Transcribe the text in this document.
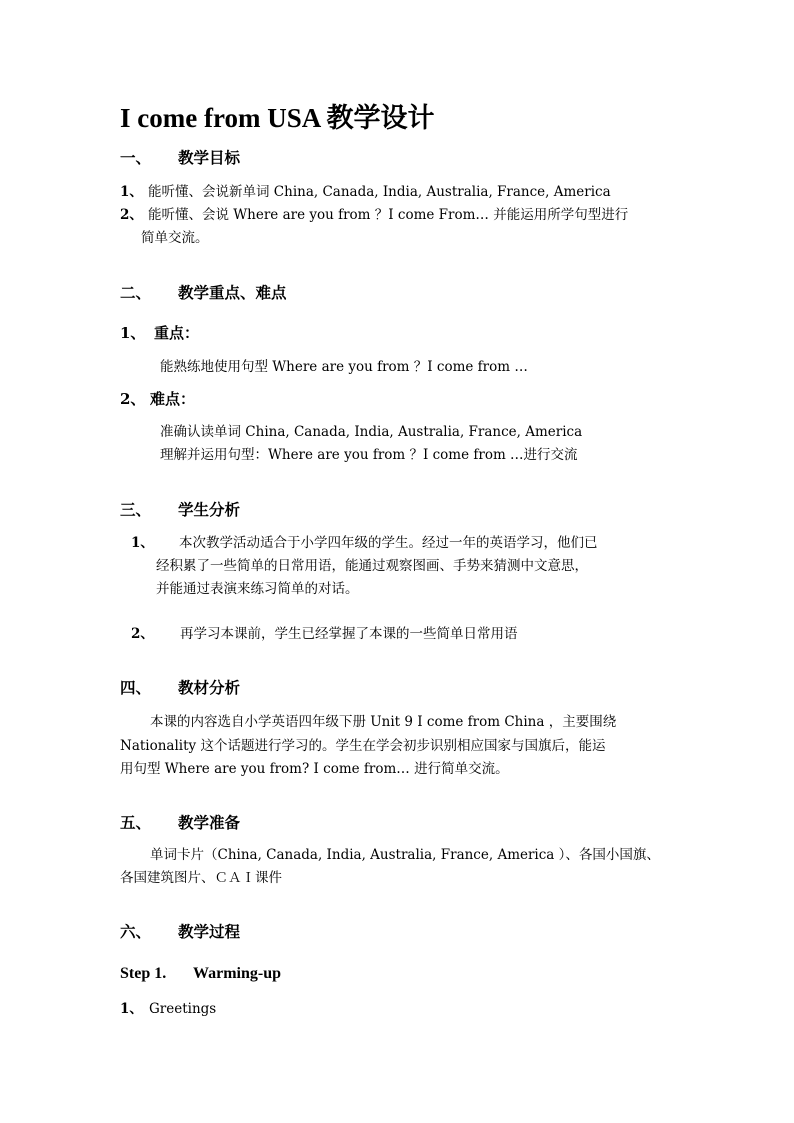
I come from USA 教学设计
一、 教学目标
1、 能听懂、会说新单词 China, Canada, India, Australia, France, America
2、 能听懂、会说 Where are you from ？I come From… 并能运用所学句型进行
简单交流。
二、 教学重点、难点
1、 重点：
能熟练地使用句型 Where are you from ？I come from …
2、 难点：
准确认读单词 China, Canada, India, Australia, France, America
理解并运用句型：Where are you from ？I come from …进行交流
三、 学生分析
1、 本次教学活动适合于小学四年级的学生。经过一年的英语学习，他们已
经积累了一些简单的日常用语，能通过观察图画、手势来猜测中文意思，
并能通过表演来练习简单的对话。
2、 再学习本课前，学生已经掌握了本课的一些简单日常用语
四、 教材分析
本课的内容选自小学英语四年级下册 Unit 9 I come from China ，主要围绕
Nationality 这个话题进行学习的。学生在学会初步识别相应国家与国旗后，能运
用句型 Where are you from? I come from… 进行简单交流。
五、 教学准备
单词卡片（China, Canada, India, Australia, France, America ）、各国小国旗、
各国建筑图片、ＣＡＩ课件
六、 教学过程
Step 1. Warming-up
1、 Greetings
